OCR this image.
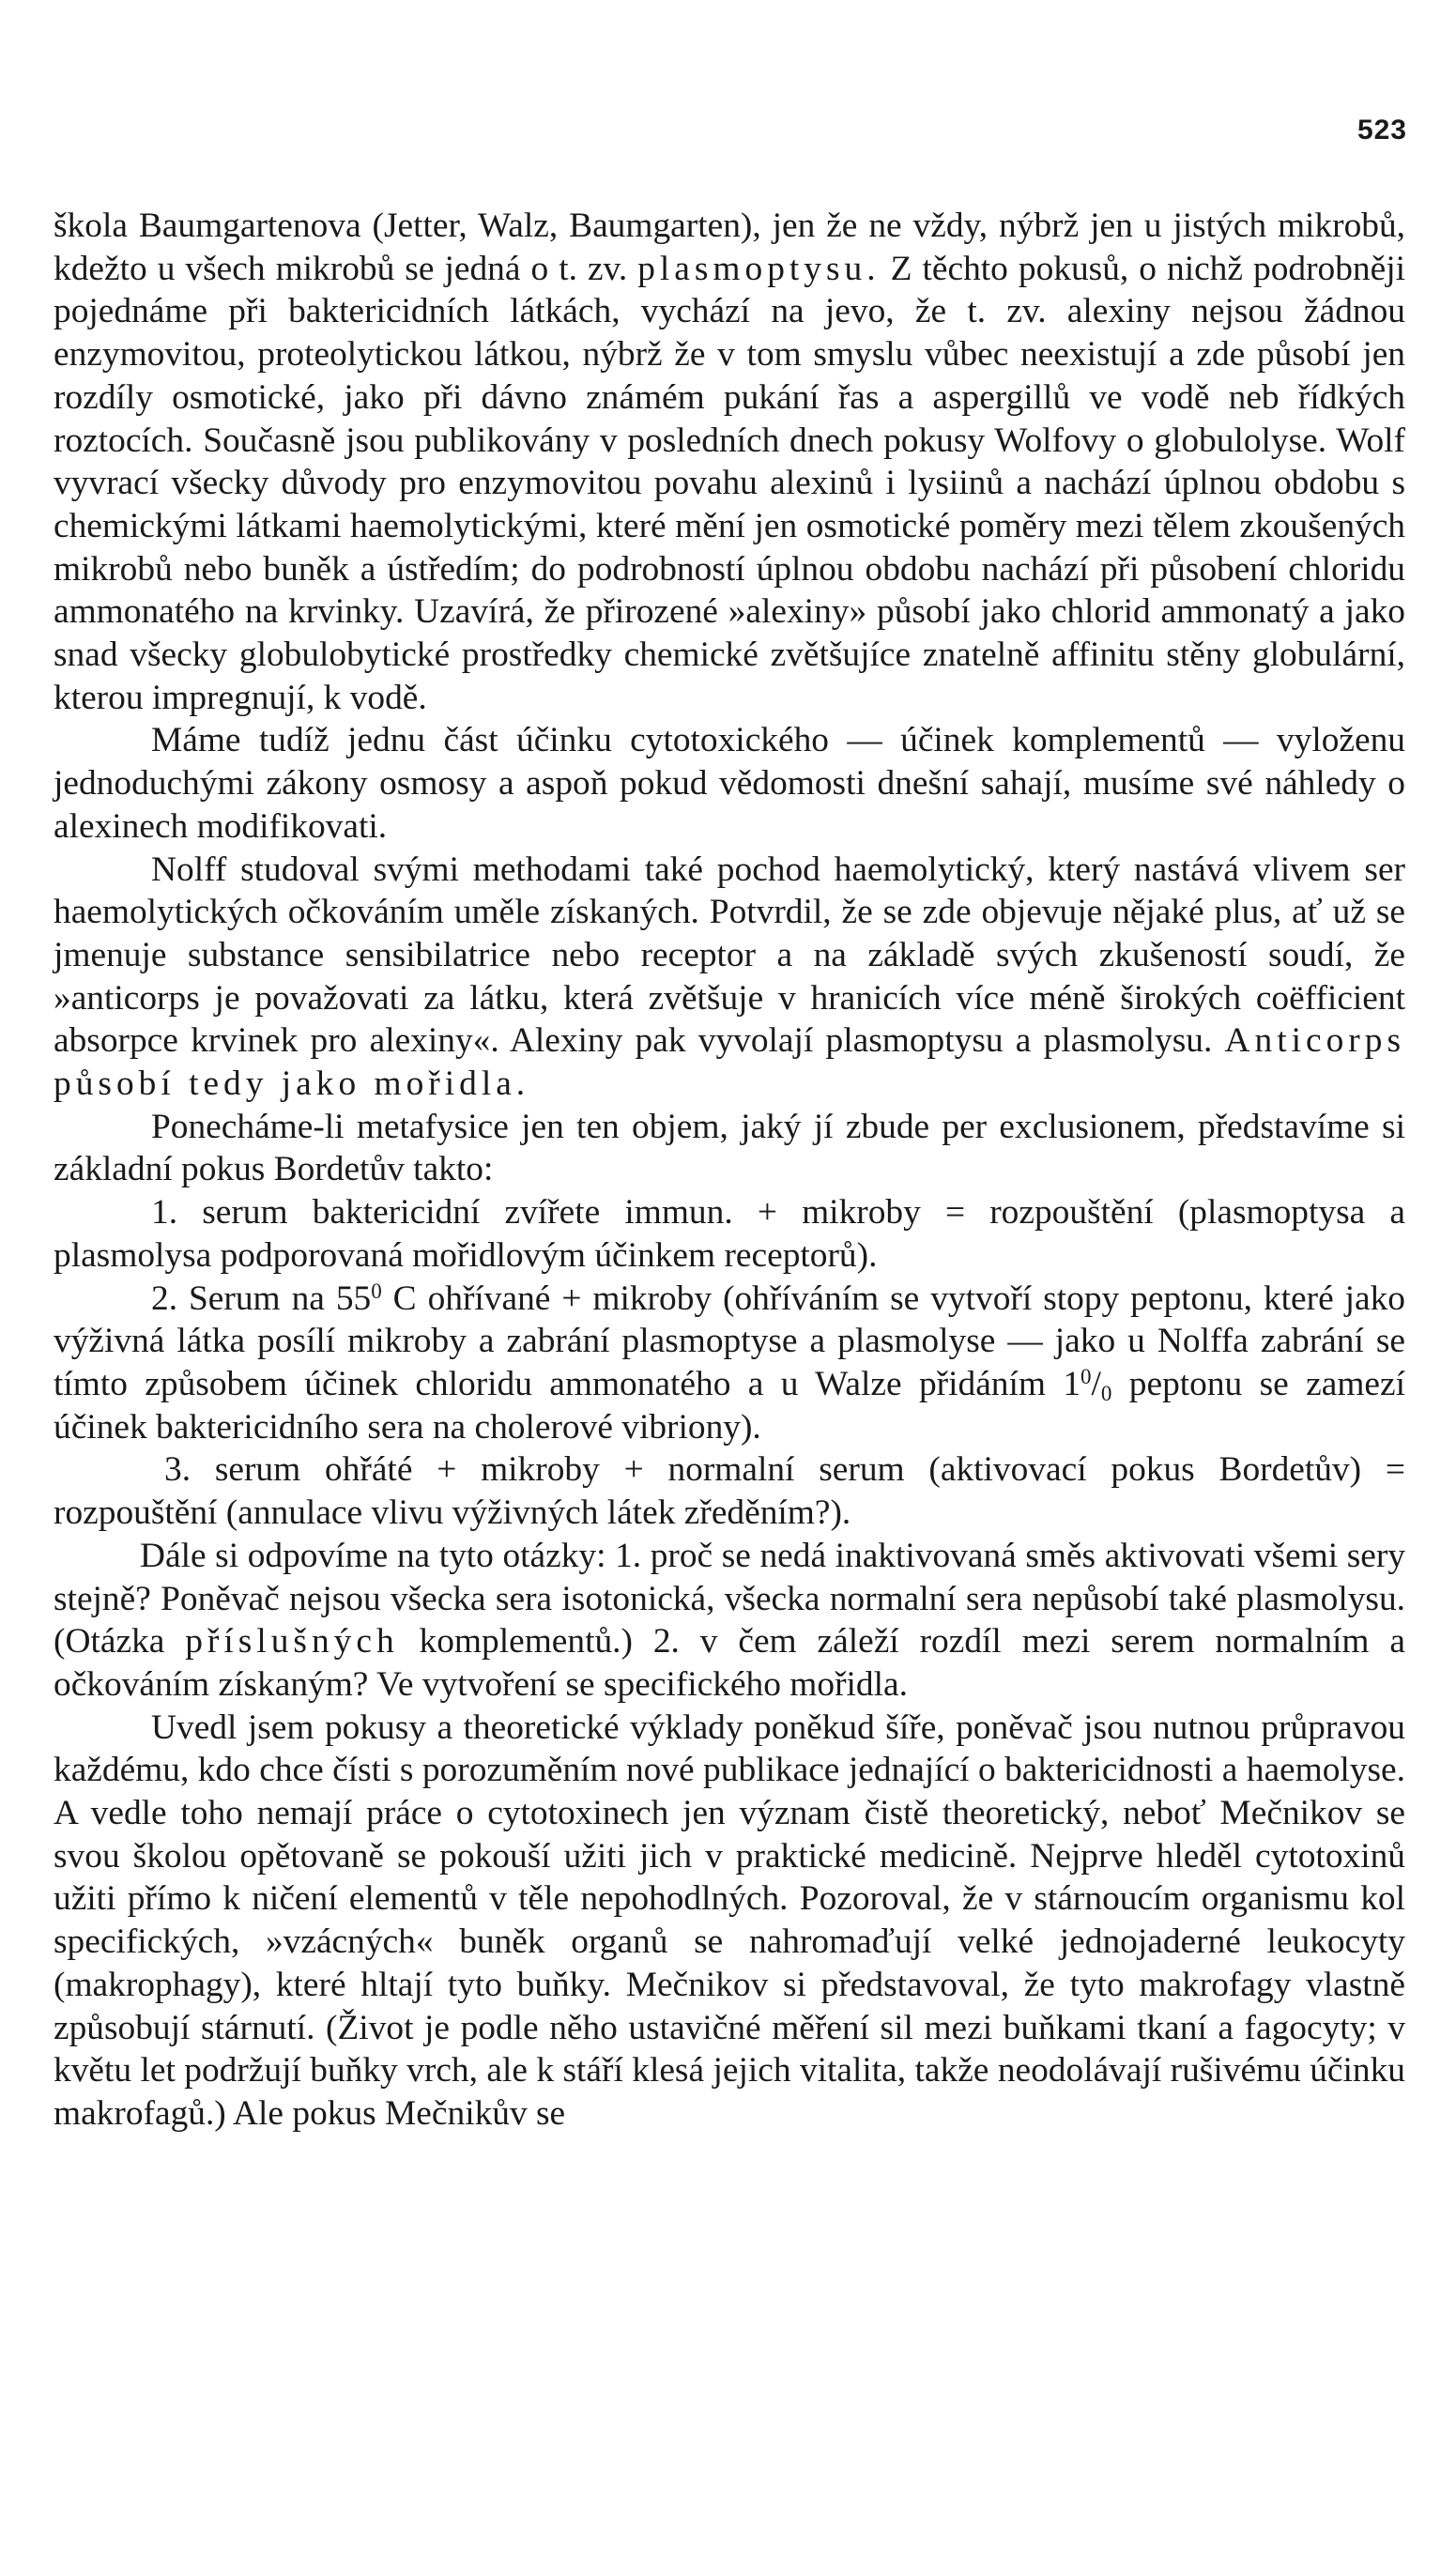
523

škola Baumgartenova (Jetter, Walz, Baumgarten), jen že ne vždy, nýbrž jen u jistých mikrobů, kdežto u všech mikrobů se jedná o t. zv. plasmoptysu. Z těchto pokusů, o nichž podrobněji pojednáme při baktericidních látkách, vychází na jevo, že t. zv. alexiny nejsou žádnou enzymovitou, proteolytickou látkou, nýbrž že v tom smyslu vůbec neexistují a zde působí jen rozdíly osmotické, jako při dávno známém pukání řas a aspergillů ve vodě neb řídkých roztocích. Současně jsou publikovány v posledních dnech pokusy Wolfovy o globulolyse. Wolf vyvrací všecky důvody pro enzymovitou povahu alexinů i lysiinů a nachází úplnou obdobu s chemickými látkami haemolytickými, které mění jen osmotické poměry mezi tělem zkoušených mikrobů nebo buněk a ústředím; do podrobností úplnou obdobu nachází při působení chloridu ammonatého na krvinky. Uzavírá, že přirozené »alexiny» působí jako chlorid ammonatý a jako snad všecky globulobytické prostředky chemické zvětšujíce znatelně affinitu stěny globulární, kterou impregnují, k vodě.

Máme tudíž jednu část účinku cytotoxického — účinek komplementů — vyloženu jednoduchými zákony osmosy a aspoň pokud vědomosti dnešní sahají, musíme své náhledy o alexinech modifikovati.

Nolff studoval svými methodami také pochod haemolytický, který nastává vlivem ser haemolytických očkováním uměle získaných. Potvrdil, že se zde objevuje nějaké plus, ať už se jmenuje substance sensibilatrice nebo receptor a na základě svých zkušeností soudí, že »anticorps je považovati za látku, která zvětšuje v hranicích více méně širokých coëfficient absorpce krvinek pro alexiny«. Alexiny pak vyvolají plasmoptysu a plasmolysu. Anticorps působí tedy jako mořidla.

Ponecháme-li metafysice jen ten objem, jaký jí zbude per exclusionem, představíme si základní pokus Bordetův takto:

1. serum baktericidní zvířete immun. + mikroby = rozpouštění (plasmoptysa a plasmolysa podporovaná mořidlovým účinkem receptorů).

2. Serum na $55^0$ C ohřívané + mikroby (ohříváním se vytvoří stopy peptonu, které jako výživná látka posílí mikroby a zabrání plasmoptyse a plasmolyse — jako u Nolffa zabrání se tímto způsobem účinek chloridu ammonatého a u Walze přidáním $1^0/_0$ peptonu se zamezí účinek baktericidního sera na cholerové vibriony).

3. serum ohřáté + mikroby + normalní serum (aktivovací pokus Bordetův) = rozpouštění (annulace vlivu výživných látek zředěním?).

Dále si odpovíme na tyto otázky: 1. proč se nedá inaktivovaná směs aktivovati všemi sery stejně? Poněvač nejsou všecka sera isotonická, všecka normalní sera nepůsobí také plasmolysu. (Otázka příslušných komplementů.) 2. v čem záleží rozdíl mezi serem normalním a očkováním získaným? Ve vytvoření se specifického mořidla.

Uvedl jsem pokusy a theoretické výklady poněkud šíře, poněvač jsou nutnou průpravou každému, kdo chce čísti s porozuměním nové publikace jednající o baktericidnosti a haemolyse. A vedle toho nemají práce o cytotoxinech jen význam čistě theoretický, neboť Mečnikov se svou školou opětovaně se pokouší užiti jich v praktické medicině. Nejprve hleděl cytotoxinů užiti přímo k ničení elementů v těle nepohodlných. Pozoroval, že v stárnoucím organismu kol specifických, »vzácných« buněk organů se nahromaďují velké jednojaderné leukocyty (makrophagy), které hltají tyto buňky. Mečnikov si představoval, že tyto makrofagy vlastně způsobují stárnutí. (Život je podle něho ustavičné měření sil mezi buňkami tkaní a fagocyty; v květu let podržují buňky vrch, ale k stáří klesá jejich vitalita, takže neodolávají rušivému účinku makrofagů.) Ale pokus Mečnikův se
